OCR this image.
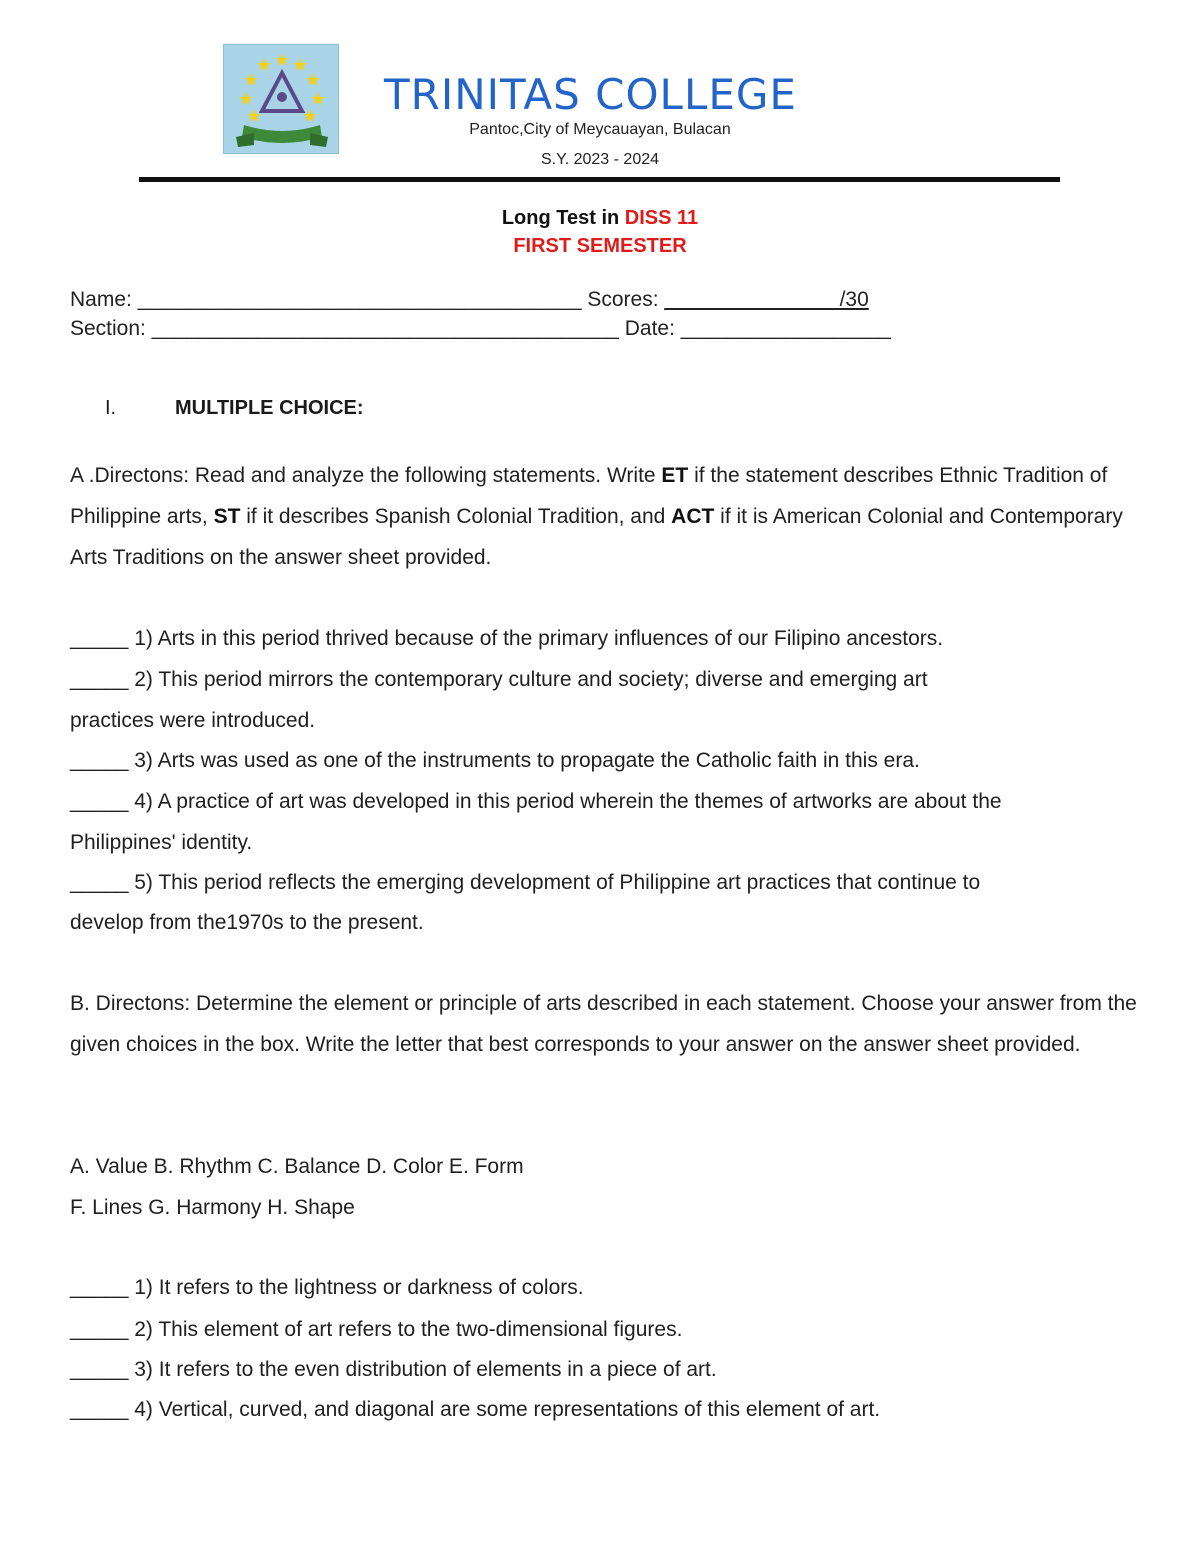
TRINITAS COLLEGE
Pantoc,City of Meycauayan, Bulacan
S.Y. 2023 - 2024
Long Test in DISS 11
FIRST SEMESTER
Name: ______________________________________ Scores: _______________/30
Section: ________________________________________ Date: __________________
I.	MULTIPLE CHOICE:
A .Directons: Read and analyze the following statements. Write ET if the statement describes Ethnic Tradition of Philippine arts, ST if it describes Spanish Colonial Tradition, and ACT if it is American Colonial and Contemporary Arts Traditions on the answer sheet provided.
_____ 1) Arts in this period thrived because of the primary influences of our Filipino ancestors.
_____ 2) This period mirrors the contemporary culture and society; diverse and emerging art
practices were introduced.
_____ 3) Arts was used as one of the instruments to propagate the Catholic faith in this era.
_____ 4) A practice of art was developed in this period wherein the themes of artworks are about the
Philippines' identity.
_____ 5) This period reflects the emerging development of Philippine art practices that continue to
develop from the1970s to the present.
B. Directons: Determine the element or principle of arts described in each statement. Choose your answer from the given choices in the box. Write the letter that best corresponds to your answer on the answer sheet provided.
A. Value B. Rhythm C. Balance D. Color E. Form
F. Lines G. Harmony H. Shape
_____ 1) It refers to the lightness or darkness of colors.
_____ 2) This element of art refers to the two-dimensional figures.
_____ 3) It refers to the even distribution of elements in a piece of art.
_____ 4) Vertical, curved, and diagonal are some representations of this element of art.
